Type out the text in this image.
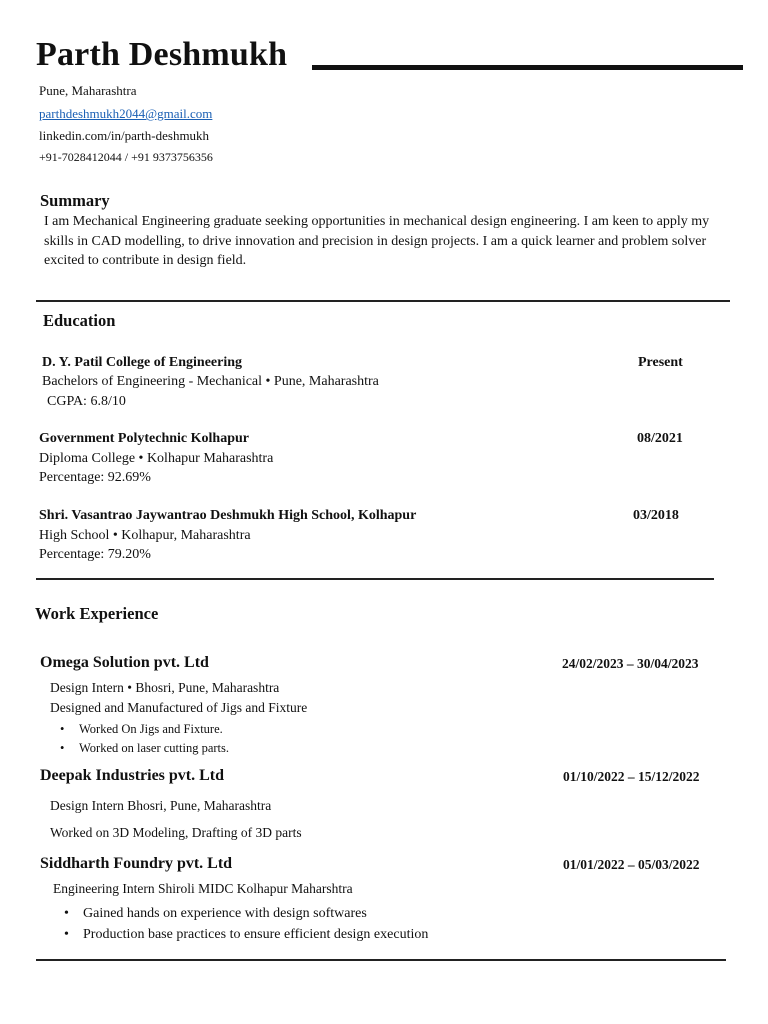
Parth Deshmukh
Pune, Maharashtra
parthdeshmukh2044@gmail.com
linkedin.com/in/parth-deshmukh
+91-7028412044 / +91 9373756356
Summary
I am Mechanical Engineering graduate seeking opportunities in mechanical design engineering. I am keen to apply my skills in CAD modelling, to drive innovation and precision in design projects. I am a quick learner and problem solver excited to contribute in design field.
Education
D. Y. Patil College of Engineering	Present
Bachelors of Engineering - Mechanical • Pune, Maharashtra
CGPA: 6.8/10
Government Polytechnic Kolhapur	08/2021
Diploma College • Kolhapur Maharashtra
Percentage: 92.69%
Shri. Vasantrao Jaywantrao Deshmukh High School, Kolhapur	03/2018
High School • Kolhapur, Maharashtra
Percentage: 79.20%
Work Experience
Omega Solution pvt. Ltd	24/02/2023 – 30/04/2023
Design Intern • Bhosri, Pune, Maharashtra
Designed and Manufactured of Jigs and Fixture
• Worked On Jigs and Fixture.
• Worked on laser cutting parts.
Deepak Industries pvt. Ltd	01/10/2022 – 15/12/2022
Design Intern Bhosri, Pune, Maharashtra
Worked on 3D Modeling, Drafting of 3D parts
Siddharth Foundry pvt. Ltd	01/01/2022 – 05/03/2022
Engineering Intern Shiroli MIDC Kolhapur Maharshtra
• Gained hands on experience with design softwares
• Production base practices to ensure efficient design execution
